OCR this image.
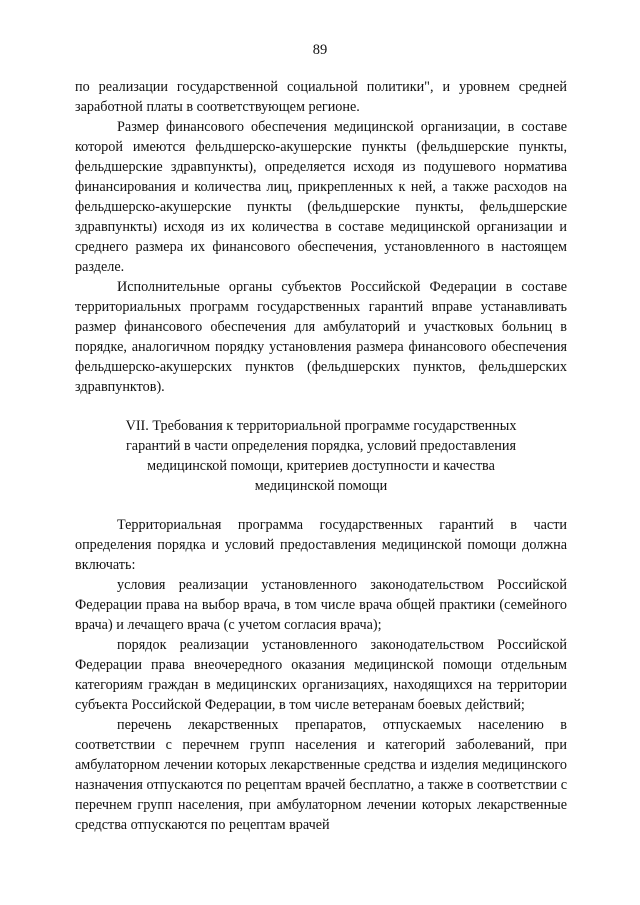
89

по реализации государственной социальной политики", и уровнем средней заработной платы в соответствующем регионе.

Размер финансового обеспечения медицинской организации, в составе которой имеются фельдшерско-акушерские пункты (фельдшерские пункты, фельдшерские здравпункты), определяется исходя из подушевого норматива финансирования и количества лиц, прикрепленных к ней, а также расходов на фельдшерско-акушерские пункты (фельдшерские пункты, фельдшерские здравпункты) исходя из их количества в составе медицинской организации и среднего размера их финансового обеспечения, установленного в настоящем разделе.

Исполнительные органы субъектов Российской Федерации в составе территориальных программ государственных гарантий вправе устанавливать размер финансового обеспечения для амбулаторий и участковых больниц в порядке, аналогичном порядку установления размера финансового обеспечения фельдшерско-акушерских пунктов (фельдшерских пунктов, фельдшерских здравпунктов).

VII. Требования к территориальной программе государственных
гарантий в части определения порядка, условий предоставления
медицинской помощи, критериев доступности и качества
медицинской помощи

Территориальная программа государственных гарантий в части определения порядка и условий предоставления медицинской помощи должна включать:

условия реализации установленного законодательством Российской Федерации права на выбор врача, в том числе врача общей практики (семейного врача) и лечащего врача (с учетом согласия врача);

порядок реализации установленного законодательством Российской Федерации права внеочередного оказания медицинской помощи отдельным категориям граждан в медицинских организациях, находящихся на территории субъекта Российской Федерации, в том числе ветеранам боевых действий;

перечень лекарственных препаратов, отпускаемых населению в соответствии с перечнем групп населения и категорий заболеваний, при амбулаторном лечении которых лекарственные средства и изделия медицинского назначения отпускаются по рецептам врачей бесплатно, а также в соответствии с перечнем групп населения, при амбулаторном лечении которых лекарственные средства отпускаются по рецептам врачей
